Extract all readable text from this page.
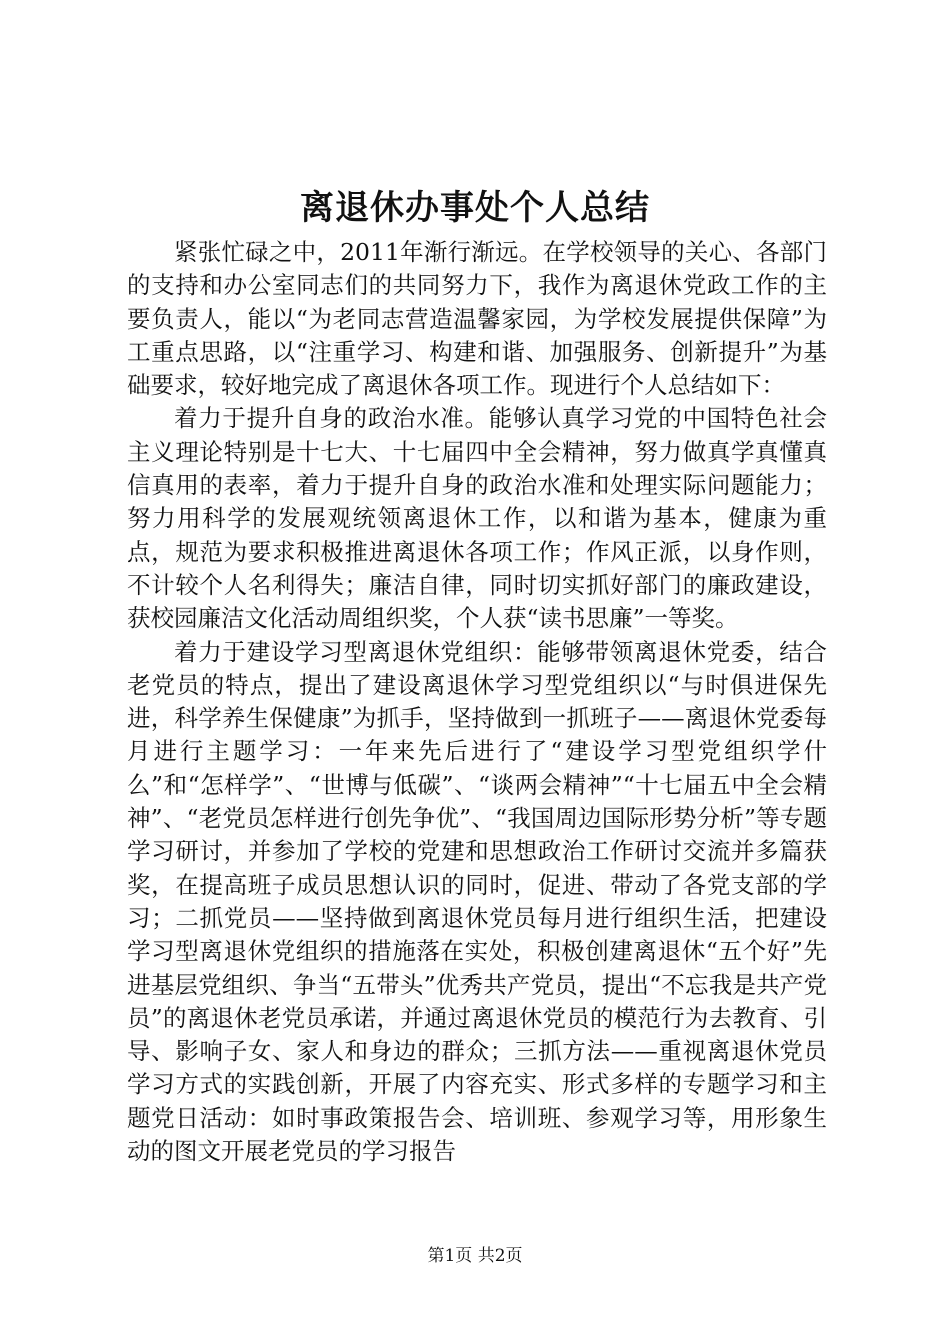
离退休办事处个人总结

紧张忙碌之中，2011年渐行渐远。在学校领导的关心、各部门的支持和办公室同志们的共同努力下，我作为离退休党政工作的主要负责人，能以“为老同志营造温馨家园，为学校发展提供保障”为工重点思路，以“注重学习、构建和谐、加强服务、创新提升”为基础要求，较好地完成了离退休各项工作。现进行个人总结如下：

着力于提升自身的政治水准。能够认真学习党的中国特色社会主义理论特别是十七大、十七届四中全会精神，努力做真学真懂真信真用的表率，着力于提升自身的政治水准和处理实际问题能力；努力用科学的发展观统领离退休工作，以和谐为基本，健康为重点，规范为要求积极推进离退休各项工作；作风正派，以身作则，不计较个人名利得失；廉洁自律，同时切实抓好部门的廉政建设，获校园廉洁文化活动周组织奖，个人获“读书思廉”一等奖。

着力于建设学习型离退休党组织：能够带领离退休党委，结合老党员的特点，提出了建设离退休学习型党组织以“与时俱进保先进，科学养生保健康”为抓手，坚持做到一抓班子——离退休党委每月进行主题学习：一年来先后进行了“建设学习型党组织学什么”和“怎样学”、“世博与低碳”、“谈两会精神”“十七届五中全会精神”、“老党员怎样进行创先争优”、“我国周边国际形势分析”等专题学习研讨，并参加了学校的党建和思想政治工作研讨交流并多篇获奖，在提高班子成员思想认识的同时，促进、带动了各党支部的学习；二抓党员——坚持做到离退休党员每月进行组织生活，把建设学习型离退休党组织的措施落在实处，积极创建离退休“五个好”先进基层党组织、争当“五带头”优秀共产党员，提出“不忘我是共产党员”的离退休老党员承诺，并通过离退休党员的模范行为去教育、引导、影响子女、家人和身边的群众；三抓方法——重视离退休党员学习方式的实践创新，开展了内容充实、形式多样的专题学习和主题党日活动：如时事政策报告会、培训班、参观学习等，用形象生动的图文开展老党员的学习报告

第1页 共2页
